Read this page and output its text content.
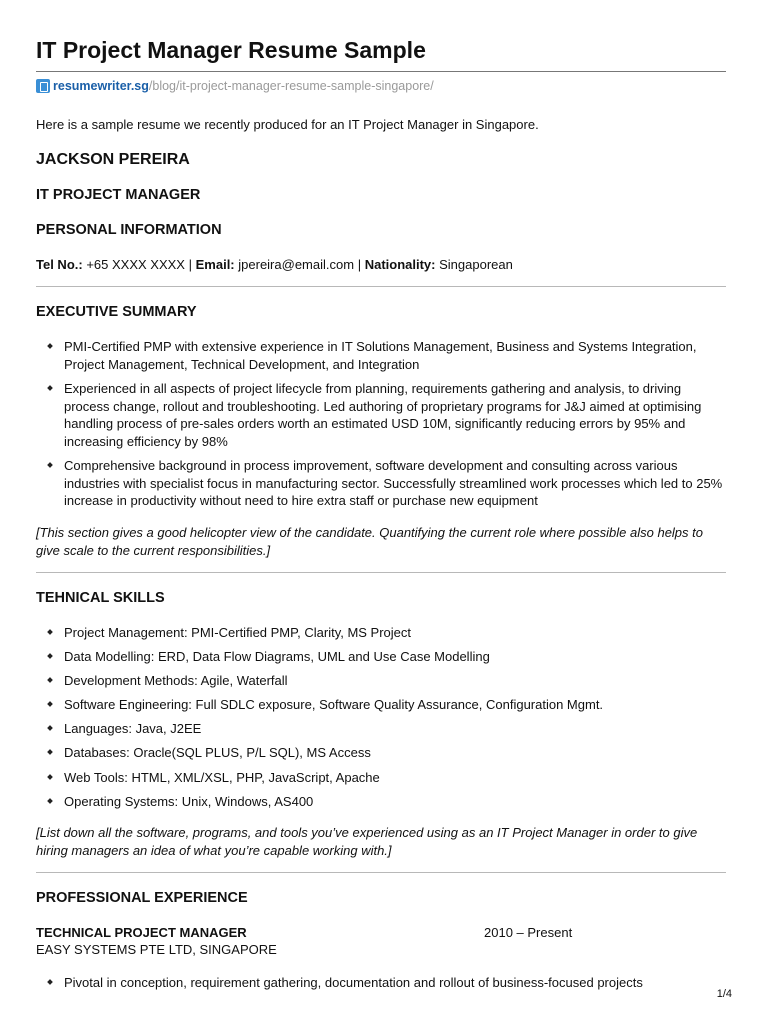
IT Project Manager Resume Sample
resumewriter.sg /blog/it-project-manager-resume-sample-singapore/

Here is a sample resume we recently produced for an IT Project Manager in Singapore.

JACKSON PEREIRA
IT PROJECT MANAGER
PERSONAL INFORMATION

Tel No.: +65 XXXX XXXX | Email: jpereira@email.com | Nationality: Singaporean

EXECUTIVE SUMMARY
PMI-Certified PMP with extensive experience in IT Solutions Management, Business and Systems Integration, Project Management, Technical Development, and Integration
Experienced in all aspects of project lifecycle from planning, requirements gathering and analysis, to driving process change, rollout and troubleshooting. Led authoring of proprietary programs for J&J aimed at optimising handling process of pre-sales orders worth an estimated USD 10M, significantly reducing errors by 95% and increasing efficiency by 98%
Comprehensive background in process improvement, software development and consulting across various industries with specialist focus in manufacturing sector. Successfully streamlined work processes which led to 25% increase in productivity without need to hire extra staff or purchase new equipment

[This section gives a good helicopter view of the candidate. Quantifying the current role where possible also helps to give scale to the current responsibilities.]

TEHNICAL SKILLS
Project Management: PMI-Certified PMP, Clarity, MS Project
Data Modelling: ERD, Data Flow Diagrams, UML and Use Case Modelling
Development Methods: Agile, Waterfall
Software Engineering: Full SDLC exposure, Software Quality Assurance, Configuration Mgmt.
Languages: Java, J2EE
Databases: Oracle(SQL PLUS, P/L SQL), MS Access
Web Tools: HTML, XML/XSL, PHP, JavaScript, Apache
Operating Systems: Unix, Windows, AS400

[List down all the software, programs, and tools you’ve experienced using as an IT Project Manager in order to give hiring managers an idea of what you’re capable working with.]

PROFESSIONAL EXPERIENCE
TECHNICAL PROJECT MANAGER	2010 – Present
EASY SYSTEMS PTE LTD, SINGAPORE
Pivotal in conception, requirement gathering, documentation and rollout of business-focused projects
1/4
